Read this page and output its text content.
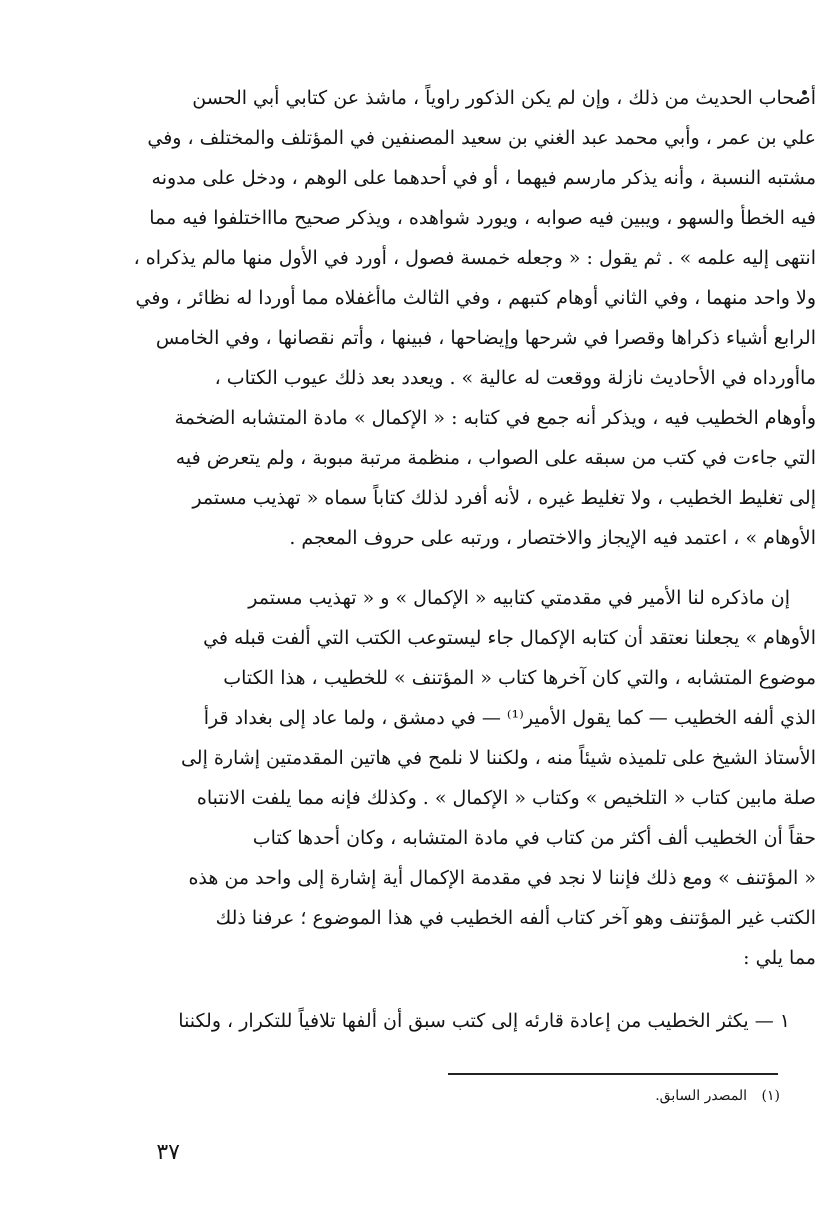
أصحاب الحديث من ذلك ، وإن لم يكن الذكور راوياً ، ماشذ عن كتابي أبي الحسن
علي بن عمر ، وأبي محمد عبد الغني بن سعيد المصنفين في المؤتلف والمختلف ، وفي
مشتبه النسبة ، وأنه يذكر مارسم فيهما ، أو في أحدهما على الوهم ، ودخل على مدونه
فيه الخطأ والسهو ، ويبين فيه صوابه ، ويورد شواهده ، ويذكر صحيح ماااختلفوا فيه مما
انتهى إليه علمه » . ثم يقول : « وجعله خمسة فصول ، أورد في الأول منها مالم يذكراه ،
ولا واحد منهما ، وفي الثاني أوهام كتبهم ، وفي الثالث ماأغفلاه مما أوردا له نظائر ، وفي
الرابع أشياء ذكراها وقصرا في شرحها وإيضاحها ، فبينها ، وأتم نقصانها ، وفي الخامس
ماأورداه في الأحاديث نازلة ووقعت له عالية » . ويعدد بعد ذلك عيوب الكتاب ،
وأوهام الخطيب فيه ، ويذكر أنه جمع في كتابه : « الإكمال » مادة المتشابه الضخمة
التي جاءت في كتب من سبقه على الصواب ، منظمة مرتبة مبوبة ، ولم يتعرض فيه
إلى تغليط الخطيب ، ولا تغليط غيره ، لأنه أفرد لذلك كتاباً سماه « تهذيب مستمر
الأوهام » ، اعتمد فيه الإيجاز والاختصار ، ورتبه على حروف المعجم .
إن ماذكره لنا الأمير في مقدمتي كتابيه « الإكمال » و « تهذيب مستمر
الأوهام » يجعلنا نعتقد أن كتابه الإكمال جاء ليستوعب الكتب التي ألفت قبله في
موضوع المتشابه ، والتي كان آخرها كتاب « المؤتنف » للخطيب ، هذا الكتاب
الذي ألفه الخطيب — كما يقول الأمير⁽¹⁾ — في دمشق ، ولما عاد إلى بغداد قرأ
الأستاذ الشيخ على تلميذه شيئاً منه ، ولكننا لا نلمح في هاتين المقدمتين إشارة إلى
صلة مابين كتاب « التلخيص » وكتاب « الإكمال » . وكذلك فإنه مما يلفت الانتباه
حقاً أن الخطيب ألف أكثر من كتاب في مادة المتشابه ، وكان أحدها كتاب
« المؤتنف » ومع ذلك فإننا لا نجد في مقدمة الإكمال أية إشارة إلى واحد من هذه
الكتب غير المؤتنف وهو آخر كتاب ألفه الخطيب في هذا الموضوع ؛ عرفنا ذلك
مما يلي :
١ — يكثر الخطيب من إعادة قارئه إلى كتب سبق أن ألفها تلافياً للتكرار ، ولكننا
(١) المصدر السابق.
٣٧
